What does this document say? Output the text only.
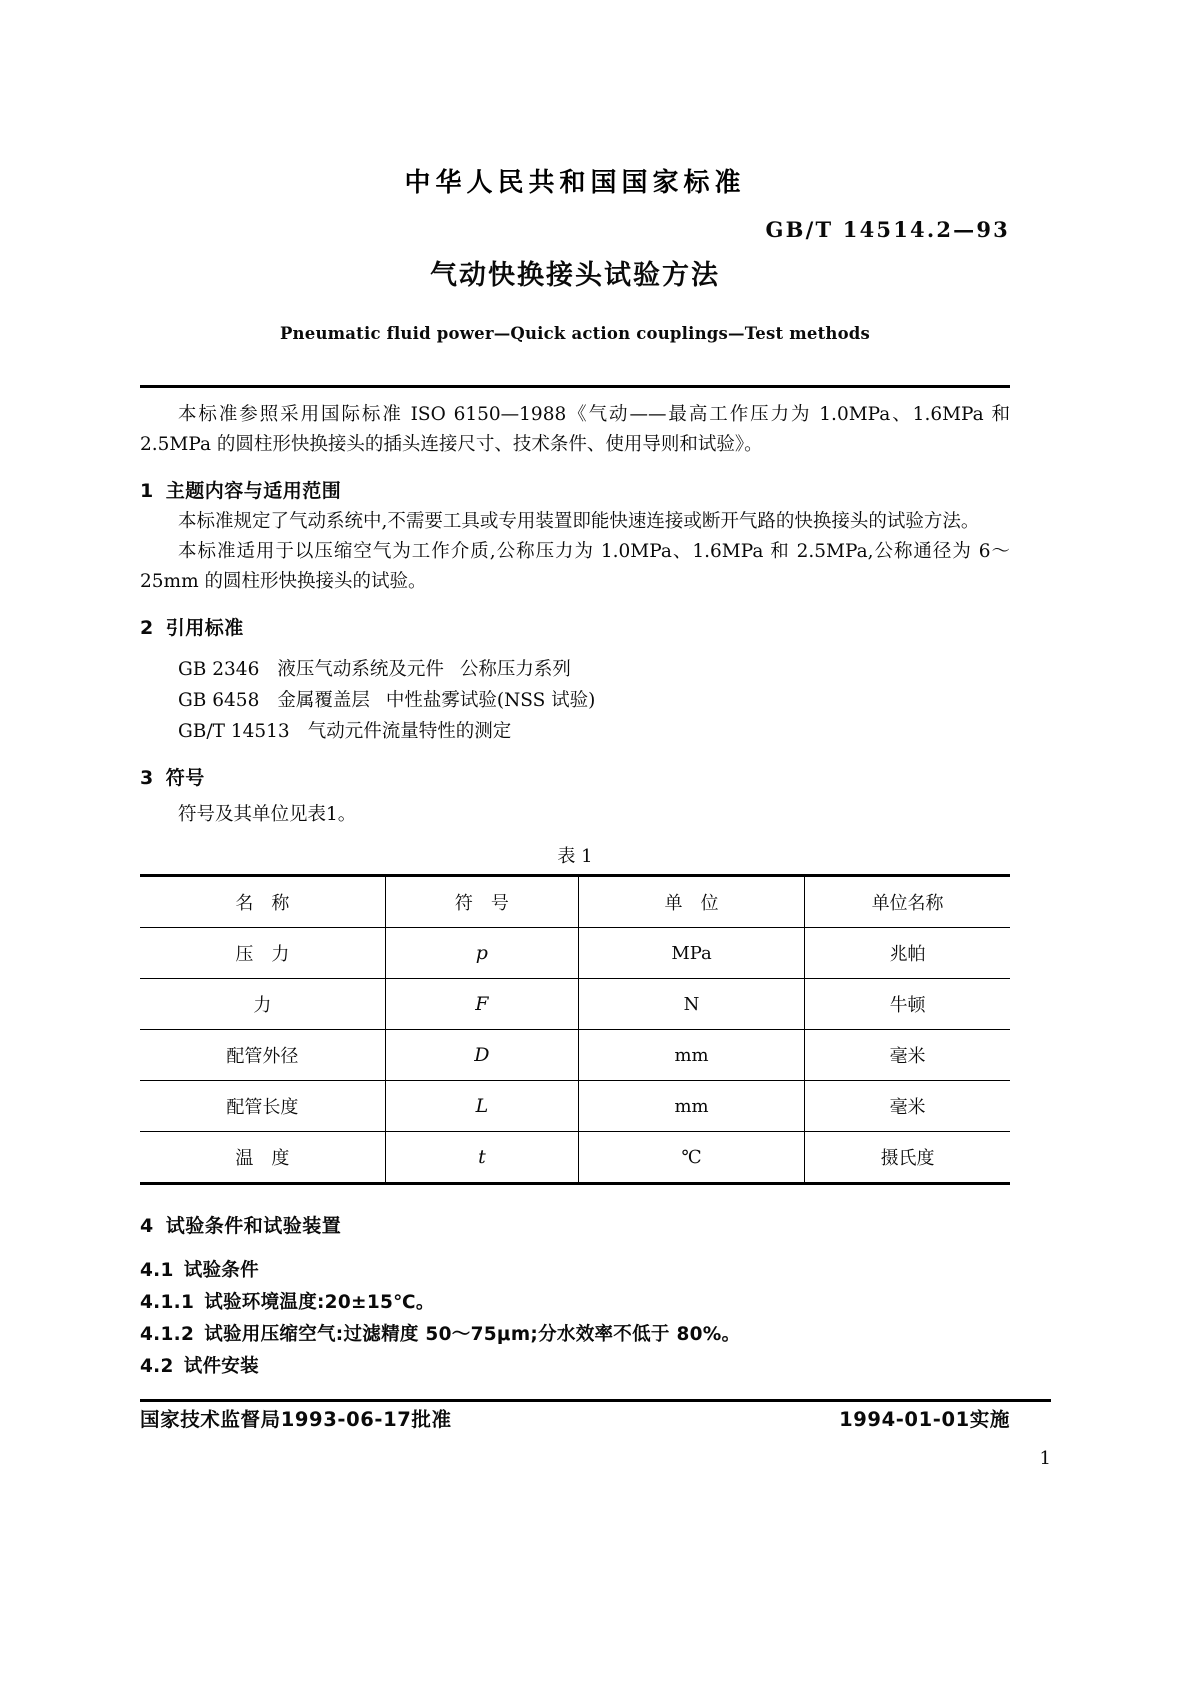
中华人民共和国国家标准
GB/T 14514.2—93
气动快换接头试验方法
Pneumatic fluid power—Quick action couplings—Test methods

本标准参照采用国际标准 ISO 6150—1988《气动——最高工作压力为 1.0MPa、1.6MPa 和2.5MPa 的圆柱形快换接头的插头连接尺寸、技术条件、使用导则和试验》。

1 主题内容与适用范围

本标准规定了气动系统中,不需要工具或专用装置即能快速连接或断开气路的快换接头的试验方法。

本标准适用于以压缩空气为工作介质,公称压力为 1.0MPa、1.6MPa 和 2.5MPa,公称通径为 6～25mm 的圆柱形快换接头的试验。

2 引用标准
GB 2346 液压气动系统及元件 公称压力系列
GB 6458 金属覆盖层 中性盐雾试验(NSS 试验)
GB/T 14513 气动元件流量特性的测定
3 符号
符号及其单位见表1。
表 1
名　称	符　号	单　位	单位名称
压　力	p	MPa	兆帕
力	F	N	牛顿
配管外径	D	mm	毫米
配管长度	L	mm	毫米
温　度	t	℃	摄氏度
4 试验条件和试验装置
4.1 试验条件
4.1.1 试验环境温度:20±15℃。
4.1.2 试验用压缩空气:过滤精度 50～75μm;分水效率不低于 80%。
4.2 试件安装
国家技术监督局1993-06-17批准	1994-01-01实施
1
